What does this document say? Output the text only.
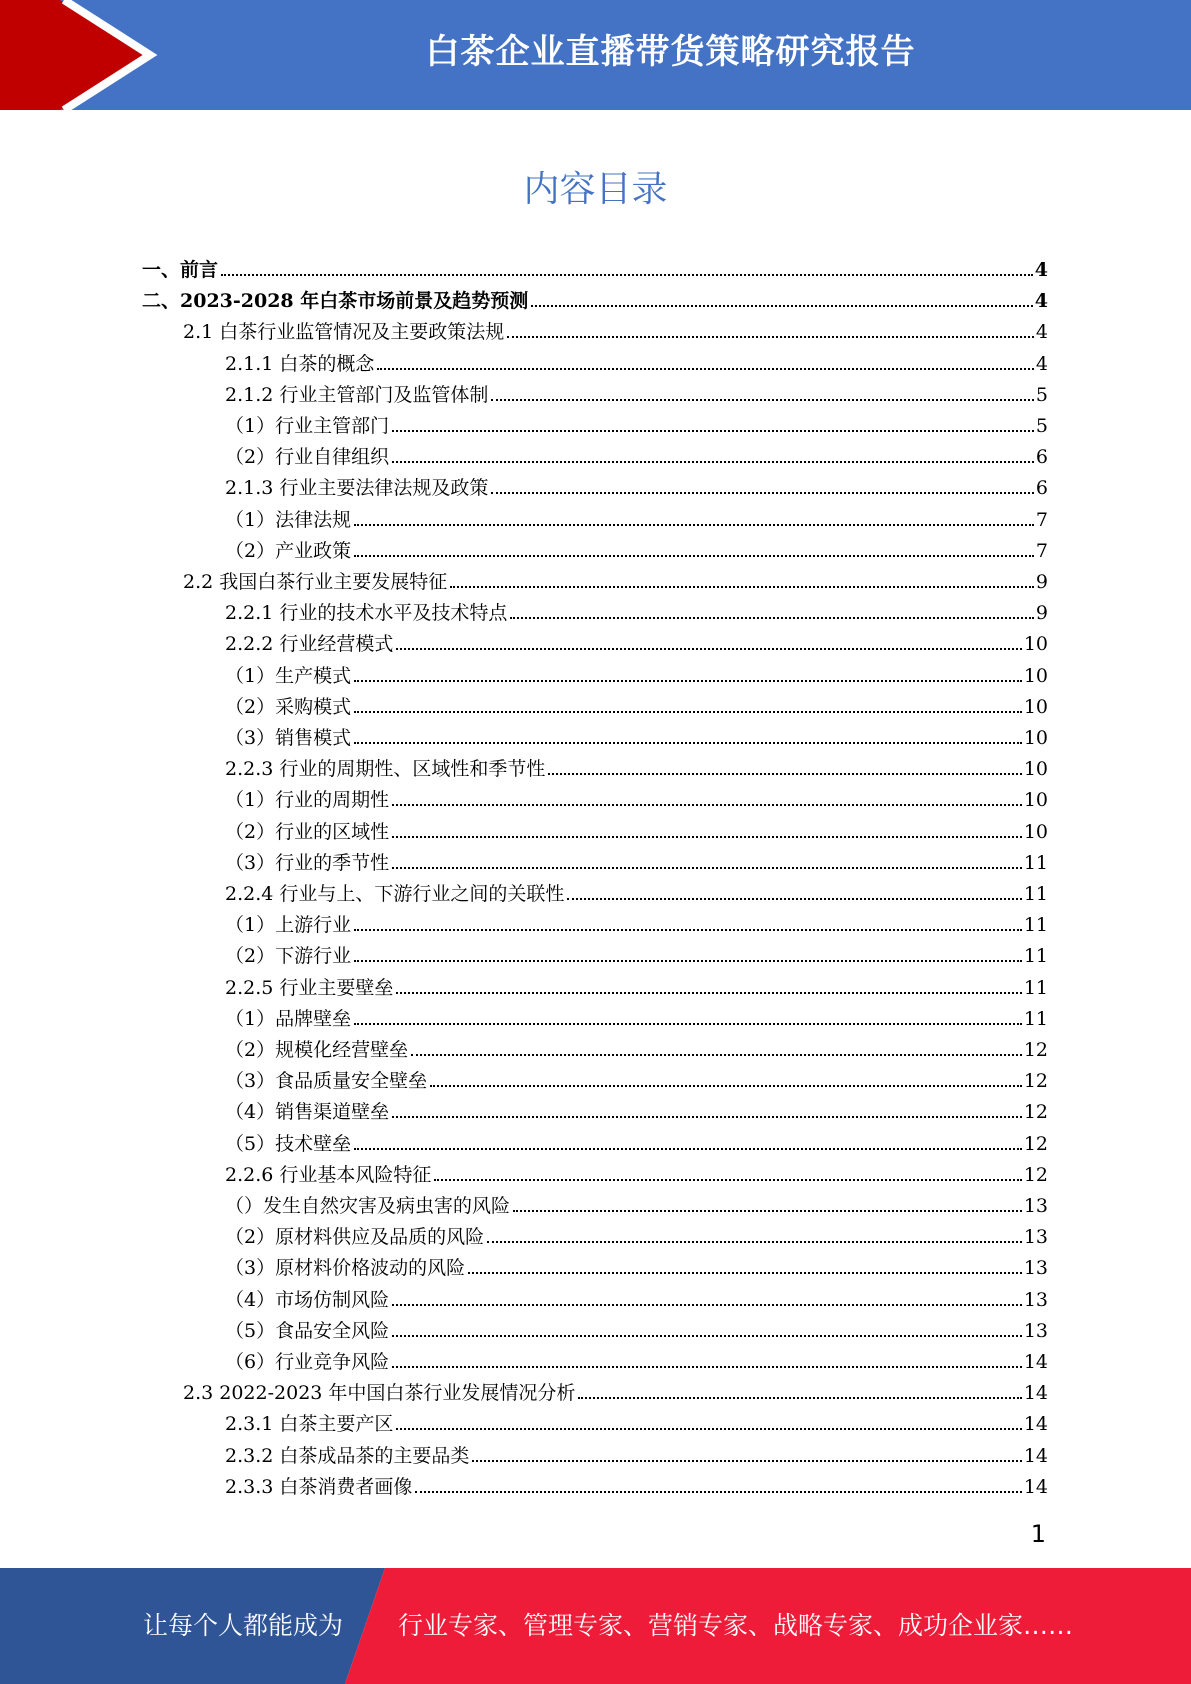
白茶企业直播带货策略研究报告
内容目录
一、前言	4
二、2023-2028 年白茶市场前景及趋势预测	4
2.1 白茶行业监管情况及主要政策法规	4
2.1.1 白茶的概念	4
2.1.2 行业主管部门及监管体制	5
（1）行业主管部门	5
（2）行业自律组织	6
2.1.3 行业主要法律法规及政策	6
（1）法律法规	7
（2）产业政策	7
2.2 我国白茶行业主要发展特征	9
2.2.1 行业的技术水平及技术特点	9
2.2.2 行业经营模式	10
（1）生产模式	10
（2）采购模式	10
（3）销售模式	10
2.2.3 行业的周期性、区域性和季节性	10
（1）行业的周期性	10
（2）行业的区域性	10
（3）行业的季节性	11
2.2.4 行业与上、下游行业之间的关联性	11
（1）上游行业	11
（2）下游行业	11
2.2.5 行业主要壁垒	11
（1）品牌壁垒	11
（2）规模化经营壁垒	12
（3）食品质量安全壁垒	12
（4）销售渠道壁垒	12
（5）技术壁垒	12
2.2.6 行业基本风险特征	12
（）发生自然灾害及病虫害的风险	13
（2）原材料供应及品质的风险	13
（3）原材料价格波动的风险	13
（4）市场仿制风险	13
（5）食品安全风险	13
（6）行业竞争风险	14
2.3 2022-2023 年中国白茶行业发展情况分析	14
2.3.1 白茶主要产区	14
2.3.2 白茶成品茶的主要品类	14
2.3.3 白茶消费者画像	14

1

让每个人都能成为 行业专家、管理专家、营销专家、战略专家、成功企业家……
